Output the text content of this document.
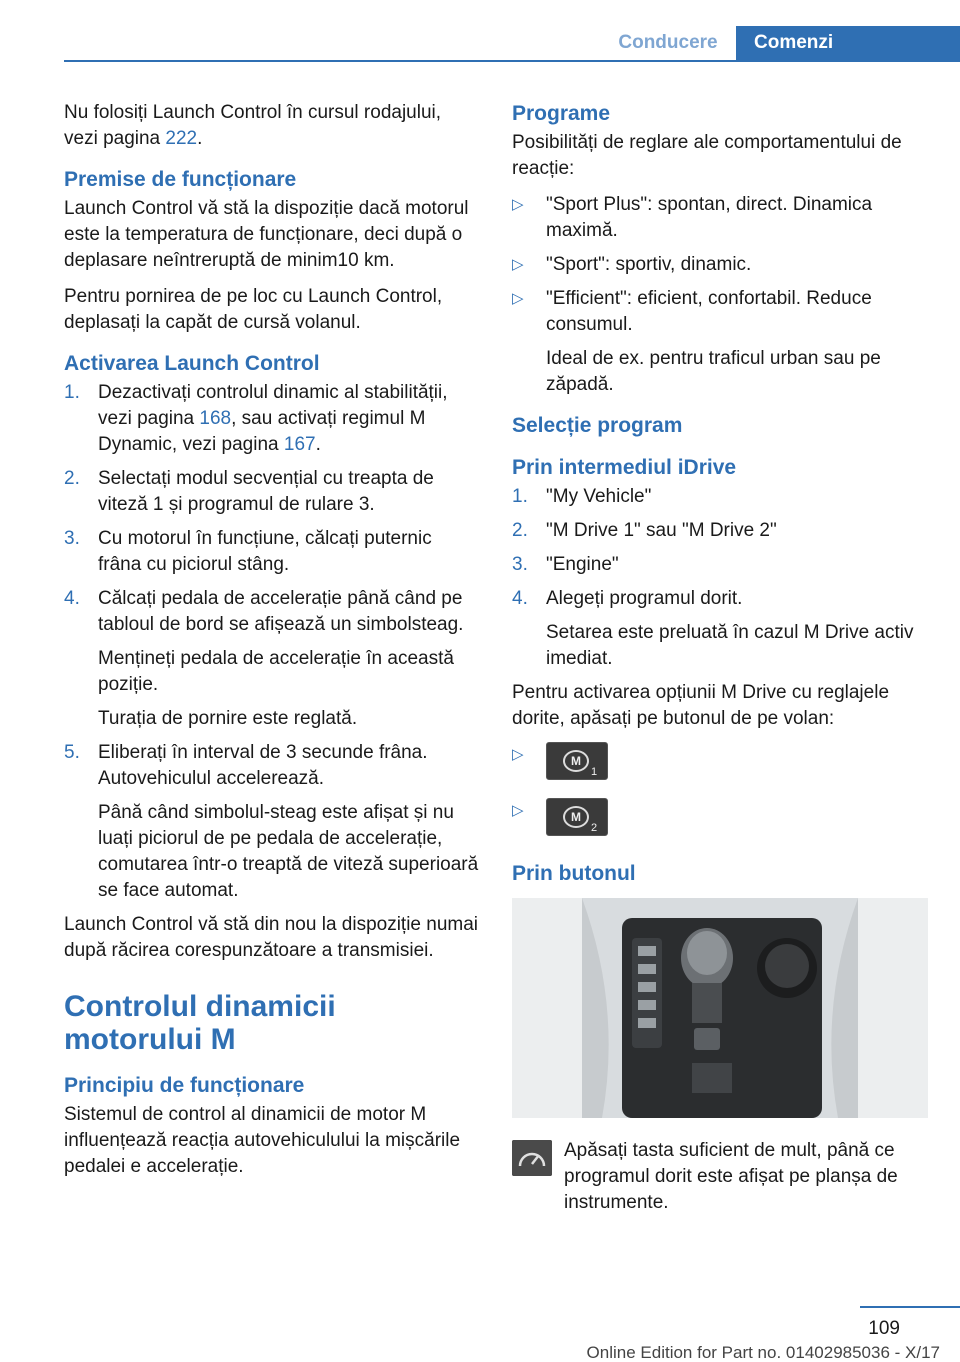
Conducere	Comenzi

Nu folosiți Launch Control în cursul rodajului, vezi pagina 222.

Premise de funcționare

Launch Control vă stă la dispoziție dacă motorul este la temperatura de funcționare, deci după o deplasare neîntreruptă de minim10 km.

Pentru pornirea de pe loc cu Launch Control, deplasați la capăt de cursă volanul.

Activarea Launch Control
1. Dezactivați controlul dinamic al stabilității, vezi pagina 168, sau activați regimul M Dynamic, vezi pagina 167.
2. Selectați modul secvențial cu treapta de viteză 1 și programul de rulare 3.
3. Cu motorul în funcțiune, călcați puternic frâna cu piciorul stâng.
4. Călcați pedala de accelerație până când pe tabloul de bord se afișează un simbolsteag.
Mențineți pedala de accelerație în această poziție.
Turația de pornire este reglată.
5. Eliberați în interval de 3 secunde frâna. Autovehiculul accelerează.
Până când simbolul-steag este afișat și nu luați piciorul de pe pedala de accelerație, comutarea într-o treaptă de viteză superioară se face automat.

Launch Control vă stă din nou la dispoziție numai după răcirea corespunzătoare a transmisiei.

Controlul dinamicii motorului M
Principiu de funcționare

Sistemul de control al dinamicii de motor M influențează reacția autovehiculului la mișcările pedalei e accelerație.

Programe

Posibilități de reglare ale comportamentului de reacție:

▷ "Sport Plus": spontan, direct. Dinamica maximă.
▷ "Sport": sportiv, dinamic.
▷ "Efficient": eficient, confortabil. Reduce consumul.
Ideal de ex. pentru traficul urban sau pe zăpadă.
Selecție program
Prin intermediul iDrive
1. "My Vehicle"
2. "M Drive 1" sau "M Drive 2"
3. "Engine"
4. Alegeți programul dorit.
Setarea este preluată în cazul M Drive activ imediat.

Pentru activarea opțiunii M Drive cu reglajele dorite, apăsați pe butonul de pe volan:

▷	M
1
▷	M
2
Prin butonul

Apăsați tasta suficient de mult, până ce programul dorit este afișat pe planșa de instrumente.

109
Online Edition for Part no. 01402985036 - X/17
